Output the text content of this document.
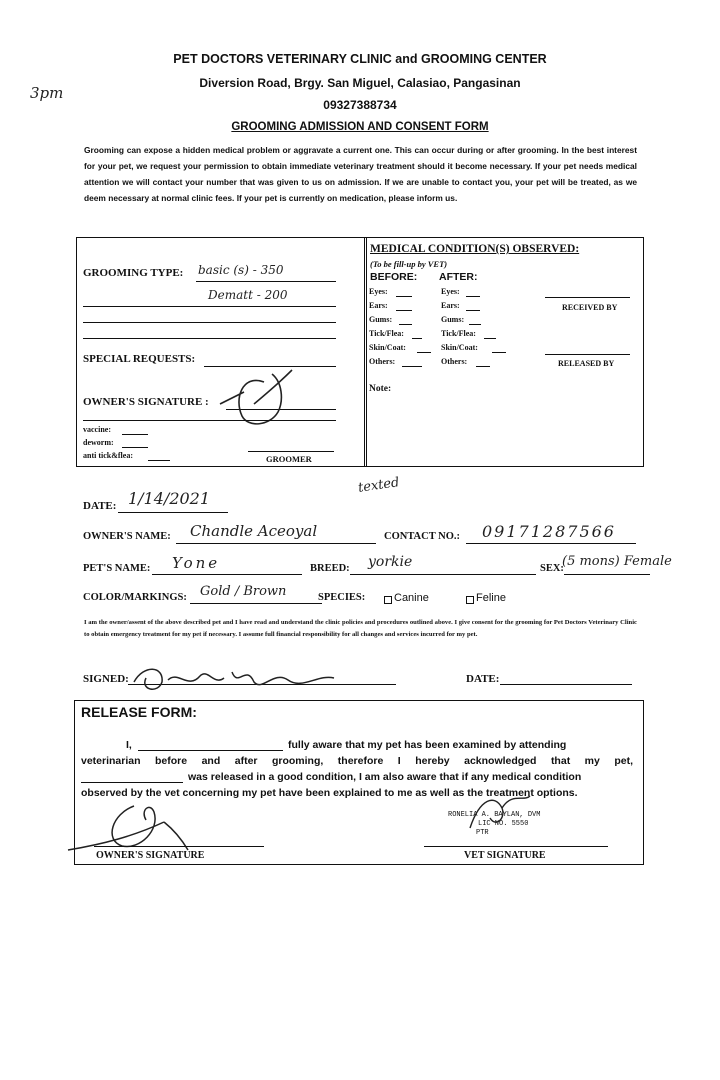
3pm
PET DOCTORS VETERINARY CLINIC and GROOMING CENTER
Diversion Road, Brgy. San Miguel, Calasiao, Pangasinan
09327388734
GROOMING ADMISSION AND CONSENT FORM
Grooming can expose a hidden medical problem or aggravate a current one. This can occur during or after grooming. In the best interest for your pet, we request your permission to obtain immediate veterinary treatment should it become necessary. If your pet needs medical attention we will contact your number that was given to us on admission. If we are unable to contact you, your pet will be treated, as we deem necessary at normal clinic fees. If your pet is currently on medication, please inform us.
GROOMING TYPE: basic (s) - 350
Dematt - 200
SPECIAL REQUESTS:
OWNER'S SIGNATURE :
vaccine:
deworm:
anti tick&flea:	GROOMER
MEDICAL CONDITION(S) OBSERVED:
(To be fill-up by VET)
BEFORE: AFTER:
Eyes:	Eyes:
Ears:	Ears:
Gums:	Gums:
Tick/Flea:	Tick/Flea:
Skin/Coat:	Skin/Coat:
Others:	Others:
RECEIVED BY
RELEASED BY
Note:
texted
DATE: 1/14/2021
OWNER'S NAME: Chandle Aceoyal	CONTACT NO.: 09171287566
PET'S NAME: Yone	BREED: yorkie	SEX:
(5 mons) Female
COLOR/MARKINGS: Gold / Brown	SPECIES:	Canine	Feline
I am the owner/assent of the above described pet and I have read and understand the clinic policies and procedures outlined above. I give consent for the grooming for Pet Doctors Veterinary Clinic to obtain emergency treatment for my pet if necessary. I assume full financial responsibility for all changes and services incurred for my pet.
SIGNED:	DATE:
RELEASE FORM:
I,	fully aware that my pet has been examined by attending
veterinarian before and after grooming, therefore I hereby acknowledged that my pet,
was released in a good condition, I am also aware that if any medical condition
observed by the vet concerning my pet have been explained to me as well as the treatment options.
RONELIA A. BAYLAN, DVM
LIC NO. 5550
PTR
OWNER'S SIGNATURE	VET SIGNATURE
